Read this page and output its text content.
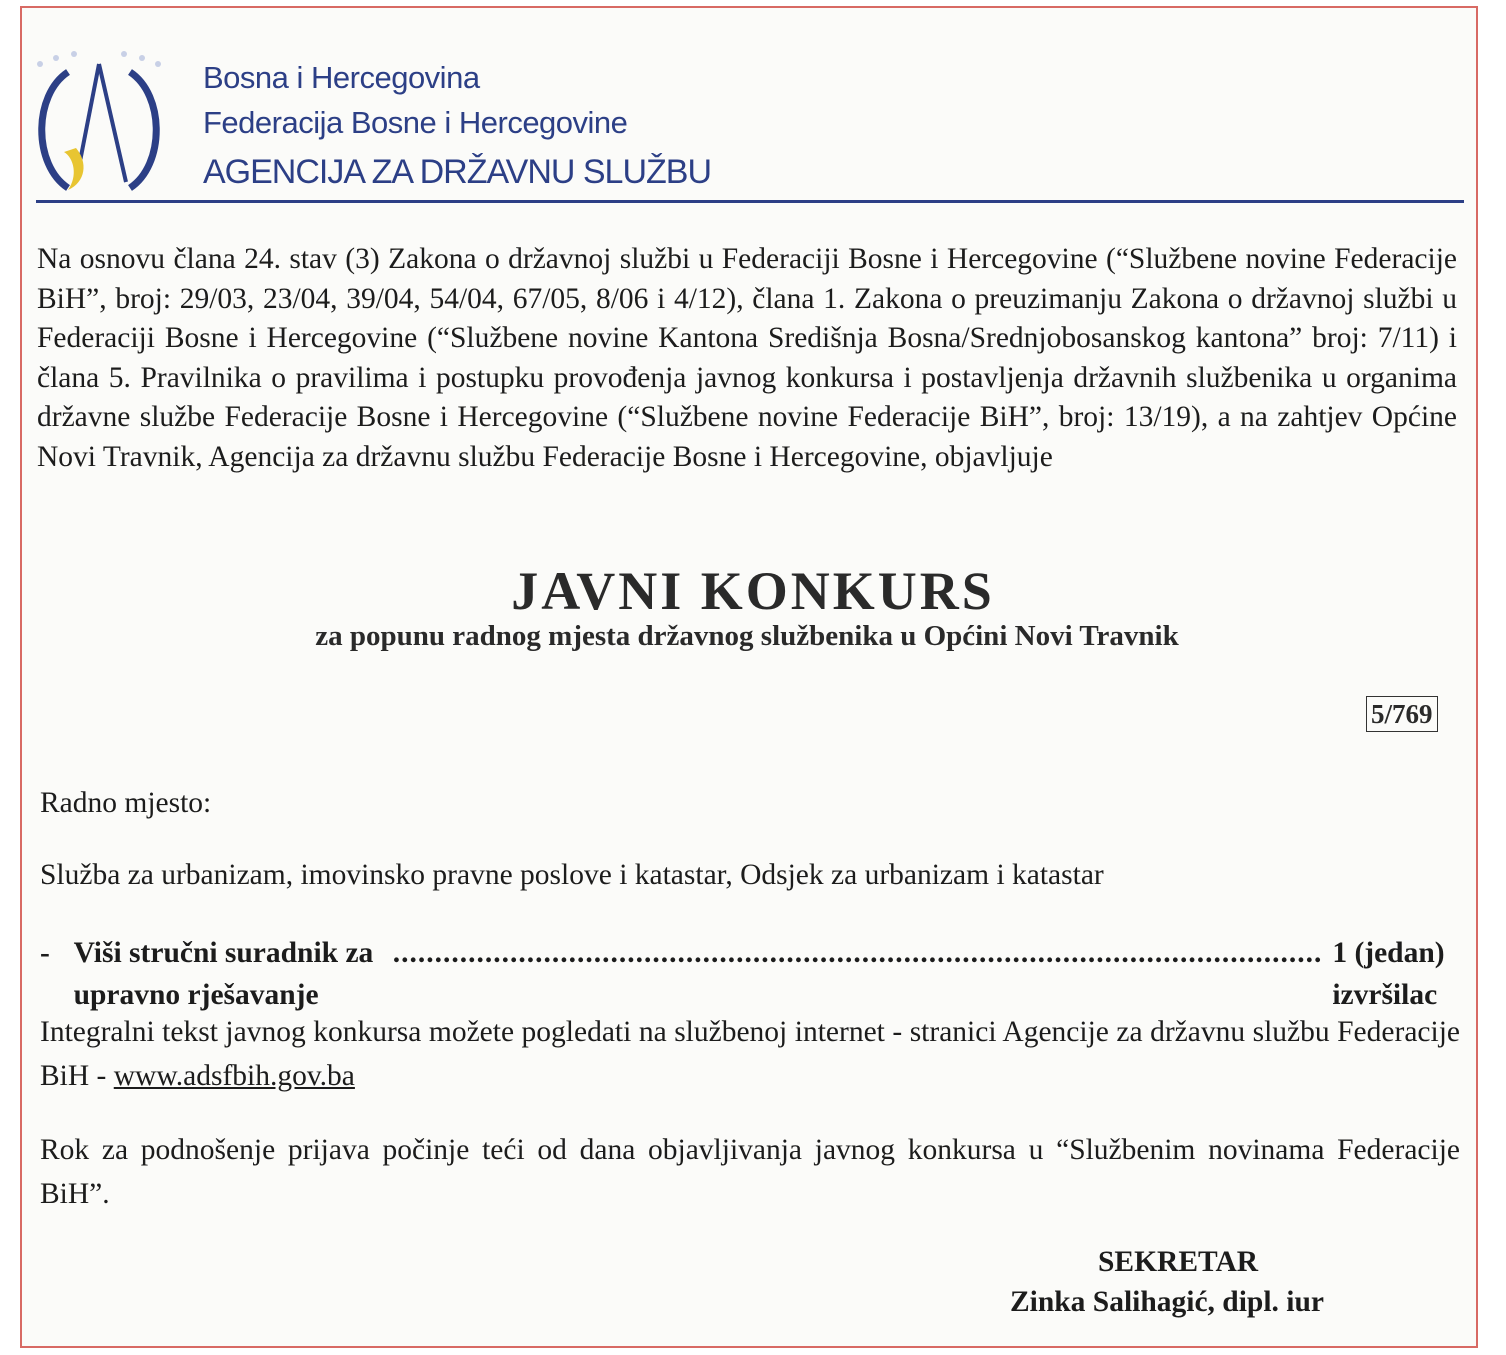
Bosna i Hercegovina
Federacija Bosne i Hercegovine
AGENCIJA ZA DRŽAVNU SLUŽBU
Na osnovu člana 24. stav (3) Zakona o državnoj službi u Federaciji Bosne i Hercegovine (“Službene novine Federacije BiH”, broj: 29/03, 23/04, 39/04, 54/04, 67/05, 8/06 i 4/12), člana 1. Zakona o preuzimanju Zakona o državnoj službi u Federaciji Bosne i Hercegovine (“Službene novine Kantona Središnja Bosna/Srednjobosanskog kantona” broj: 7/11) i člana 5. Pravilnika o pravilima i postupku provođenja javnog konkursa i postavljenja državnih službenika u organima državne službe Federacije Bosne i Hercegovine (“Službene novine Federacije BiH”, broj: 13/19), a na zahtjev Općine Novi Travnik, Agencija za državnu službu Federacije Bosne i Hercegovine, objavljuje
JAVNI KONKURS
za popunu radnog mjesta državnog službenika u Općini Novi Travnik
5/769
Radno mjesto:
Služba za urbanizam, imovinsko pravne poslove i katastar, Odsjek za urbanizam i katastar
- Viši stručni suradnik za upravno rješavanje
............................................................................................................... 1 (jedan) izvršilac
Integralni tekst javnog konkursa možete pogledati na službenoj internet - stranici Agencije za državnu službu Federacije BiH - www.adsfbih.gov.ba
Rok za podnošenje prijava počinje teći od dana objavljivanja javnog konkursa u “Službenim novinama Federacije BiH”.
SEKRETAR
Zinka Salihagić, dipl. iur
